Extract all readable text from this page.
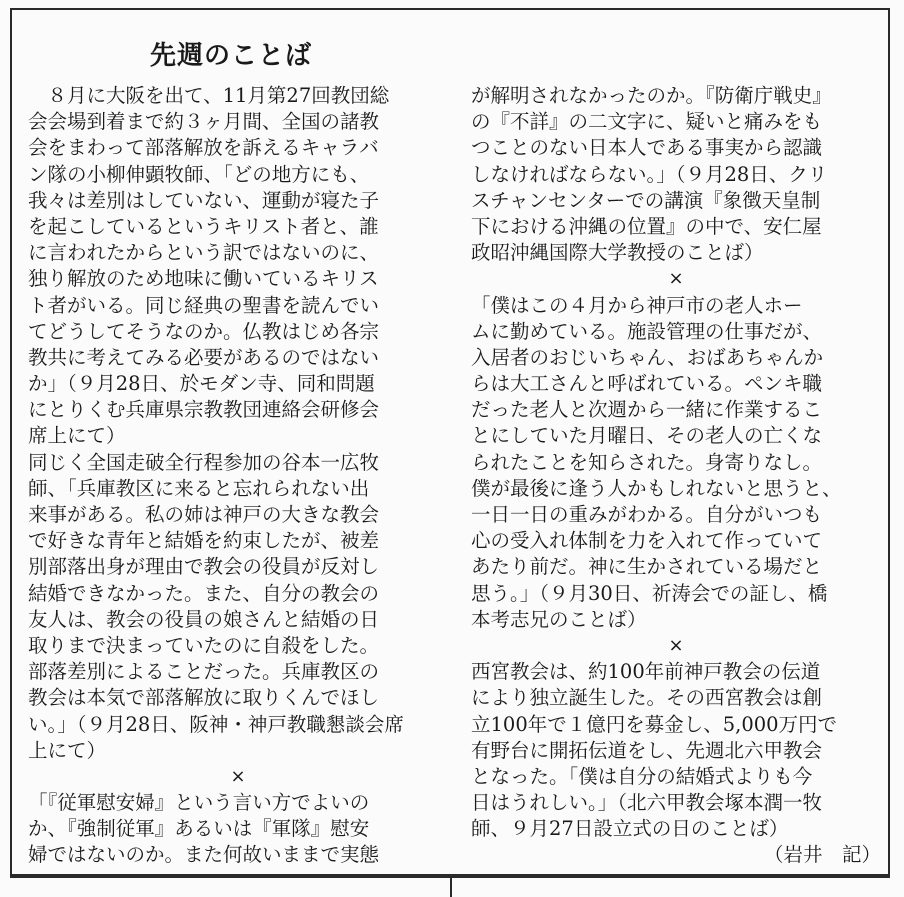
先週のことば
　８月に大阪を出て、11月第27回教団総
会会場到着まで約３ヶ月間、全国の諸教
会をまわって部落解放を訴えるキャラバ
ン隊の小柳伸顕牧師、「どの地方にも、
我々は差別はしていない、運動が寝た子
を起こしているというキリスト者と、誰
に言われたからという訳ではないのに、
独り解放のため地味に働いているキリス
ト者がいる。同じ経典の聖書を読んでい
てどうしてそうなのか。仏教はじめ各宗
教共に考えてみる必要があるのではない
か」（９月28日、於モダン寺、同和問題
にとりくむ兵庫県宗教教団連絡会研修会
席上にて）
同じく全国走破全行程参加の谷本一広牧
師、「兵庫教区に来ると忘れられない出
来事がある。私の姉は神戸の大きな教会
で好きな青年と結婚を約束したが、被差
別部落出身が理由で教会の役員が反対し
結婚できなかった。また、自分の教会の
友人は、教会の役員の娘さんと結婚の日
取りまで決まっていたのに自殺をした。
部落差別によることだった。兵庫教区の
教会は本気で部落解放に取りくんでほし
い。」（９月28日、阪神・神戸教職懇談会席
上にて）
×
「『従軍慰安婦』という言い方でよいの
か、『強制従軍』あるいは『軍隊』慰安
婦ではないのか。また何故いままで実態
が解明されなかったのか。『防衛庁戦史』
の『不詳』の二文字に、疑いと痛みをも
つことのない日本人である事実から認識
しなければならない。」（９月28日、クリ
スチャンセンターでの講演『象徴天皇制
下における沖縄の位置』の中で、安仁屋
政昭沖縄国際大学教授のことば）
×
「僕はこの４月から神戸市の老人ホー
ムに勤めている。施設管理の仕事だが、
入居者のおじいちゃん、おばあちゃんか
らは大工さんと呼ばれている。ペンキ職
だった老人と次週から一緒に作業するこ
とにしていた月曜日、その老人の亡くな
られたことを知らされた。身寄りなし。
僕が最後に逢う人かもしれないと思うと、
一日一日の重みがわかる。自分がいつも
心の受入れ体制を力を入れて作っていて
あたり前だ。神に生かされている場だと
思う。」（９月30日、祈涛会での証し、橋
本考志兄のことば）
×
西宮教会は、約100年前神戸教会の伝道
により独立誕生した。その西宮教会は創
立100年で１億円を募金し、5,000万円で
有野台に開拓伝道をし、先週北六甲教会
となった。「僕は自分の結婚式よりも今
日はうれしい。」（北六甲教会塚本潤一牧
師、９月27日設立式の日のことば）
（岩井　記）
